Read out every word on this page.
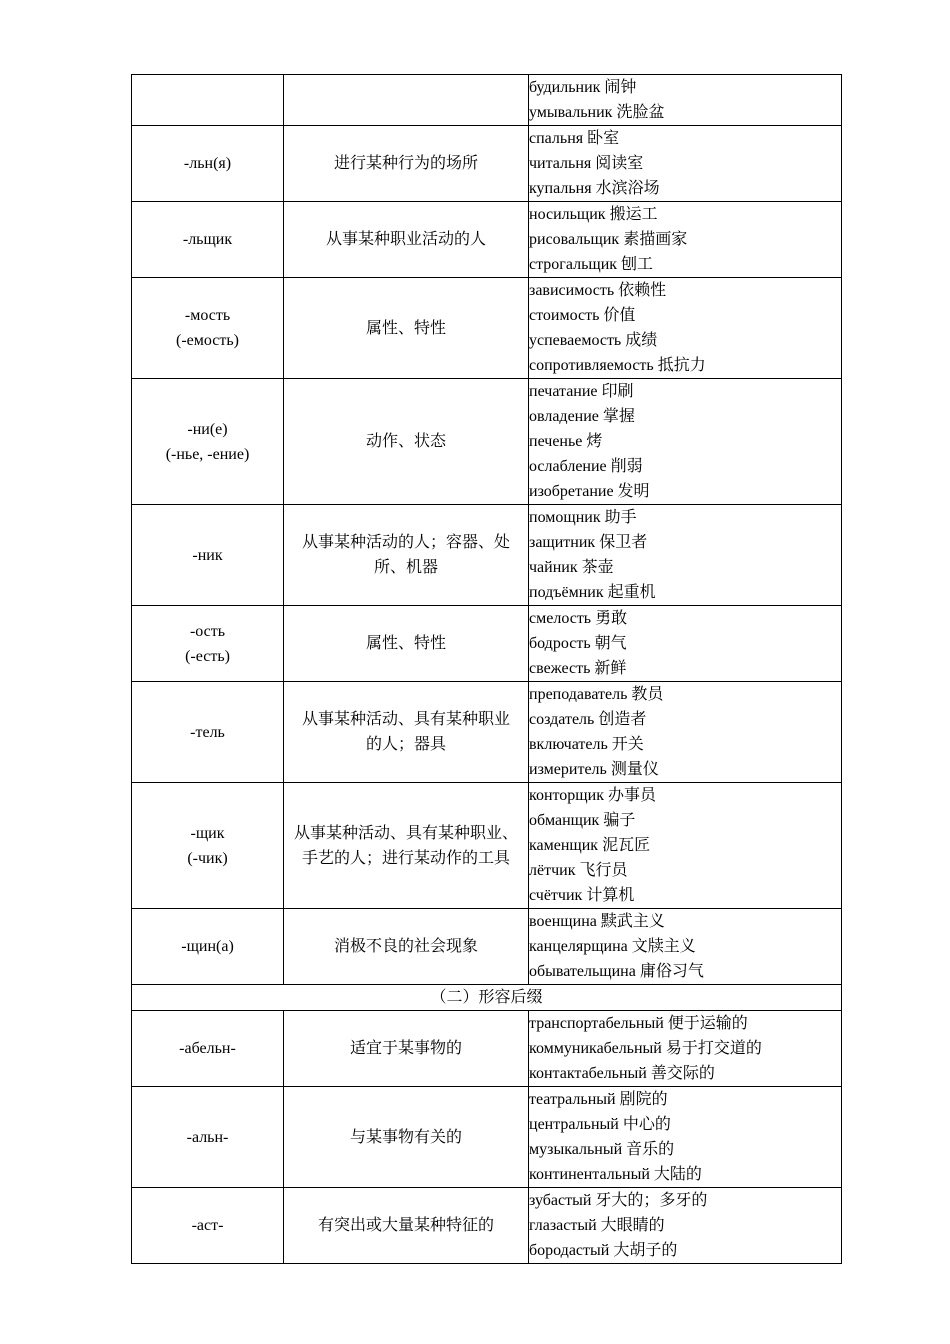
		будильник 闹钟
умывальник 洗脸盆

-льн(я)	进行某种行为的场所	спальня 卧室
читальня 阅读室
купальня 水滨浴场

-льщик	从事某种职业活动的人	носильщик 搬运工
рисовальщик 素描画家
строгальщик 刨工

-мость
(-емость)	属性、特性	зависимость 依赖性
стоимость 价值
успеваемость 成绩
сопротивляемость 抵抗力

-ни(е)
(-нье, -ение)	动作、状态	печатание 印刷
овладение 掌握
печенье 烤
ослабление 削弱
изобретание 发明

-ник	从事某种活动的人；容器、处
所、机器	помощник 助手
защитник 保卫者
чайник 茶壶
подъёмник 起重机

-ость
(-есть)	属性、特性	смелость 勇敢
бодрость 朝气
свежесть 新鲜

-тель	从事某种活动、具有某种职业
的人；器具	преподаватель 教员
создатель 创造者
включатель 开关
измеритель 测量仪

-щик
(-чик)	从事某种活动、具有某种职业、
手艺的人；进行某动作的工具	конторщик 办事员
обманщик 骗子
каменщик 泥瓦匠
лётчик 飞行员
счётчик 计算机

-щин(а)	消极不良的社会现象	военщина 黩武主义
канцелярщина 文牍主义
обывательщина 庸俗习气

（二）形容后缀		

-абельн-	适宜于某事物的	транспортабельный 便于运输的
коммуникабельный 易于打交道的
контактабельный 善交际的

-альн-	与某事物有关的	театральный 剧院的
центральный 中心的
музыкальный 音乐的
континентальный 大陆的

-аст-	有突出或大量某种特征的	зубастый 牙大的；多牙的
глазастый 大眼睛的
бородастый 大胡子的
